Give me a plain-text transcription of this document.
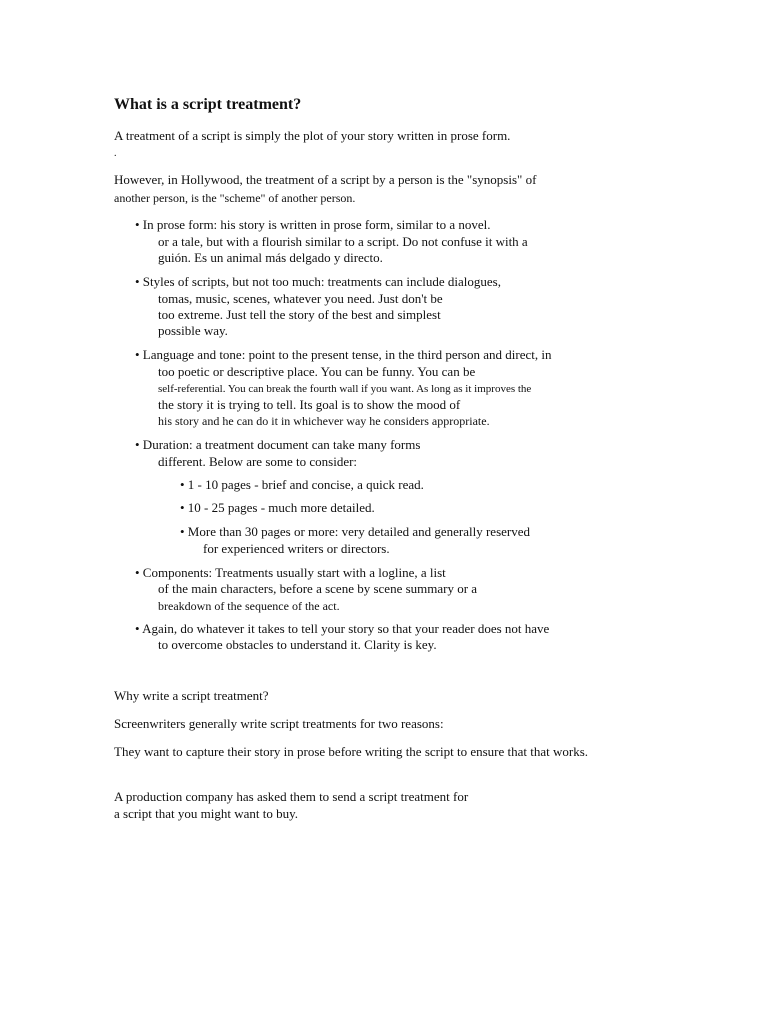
What is a script treatment?
A treatment of a script is simply the plot of your story written in prose form.
.
However, in Hollywood, the treatment of a script by a person is the "synopsis" of
another person, is the "scheme" of another person.
• In prose form: his story is written in prose form, similar to a novel.
or a tale, but with a flourish similar to a script. Do not confuse it with a
guión. Es un animal más delgado y directo.
• Styles of scripts, but not too much: treatments can include dialogues,
tomas, music, scenes, whatever you need. Just don't be
too extreme. Just tell the story of the best and simplest
possible way.
• Language and tone: point to the present tense, in the third person and direct, in
too poetic or descriptive place. You can be funny. You can be
self-referential. You can break the fourth wall if you want. As long as it improves the
the story it is trying to tell. Its goal is to show the mood of
his story and he can do it in whichever way he considers appropriate.
• Duration: a treatment document can take many forms
different. Below are some to consider:
• 1 - 10 pages - brief and concise, a quick read.
• 10 - 25 pages - much more detailed.
• More than 30 pages or more: very detailed and generally reserved
for experienced writers or directors.
• Components: Treatments usually start with a logline, a list
of the main characters, before a scene by scene summary or a
breakdown of the sequence of the act.
• Again, do whatever it takes to tell your story so that your reader does not have
to overcome obstacles to understand it. Clarity is key.
Why write a script treatment?
Screenwriters generally write script treatments for two reasons:
They want to capture their story in prose before writing the script to ensure that that works.
A production company has asked them to send a script treatment for
a script that you might want to buy.
